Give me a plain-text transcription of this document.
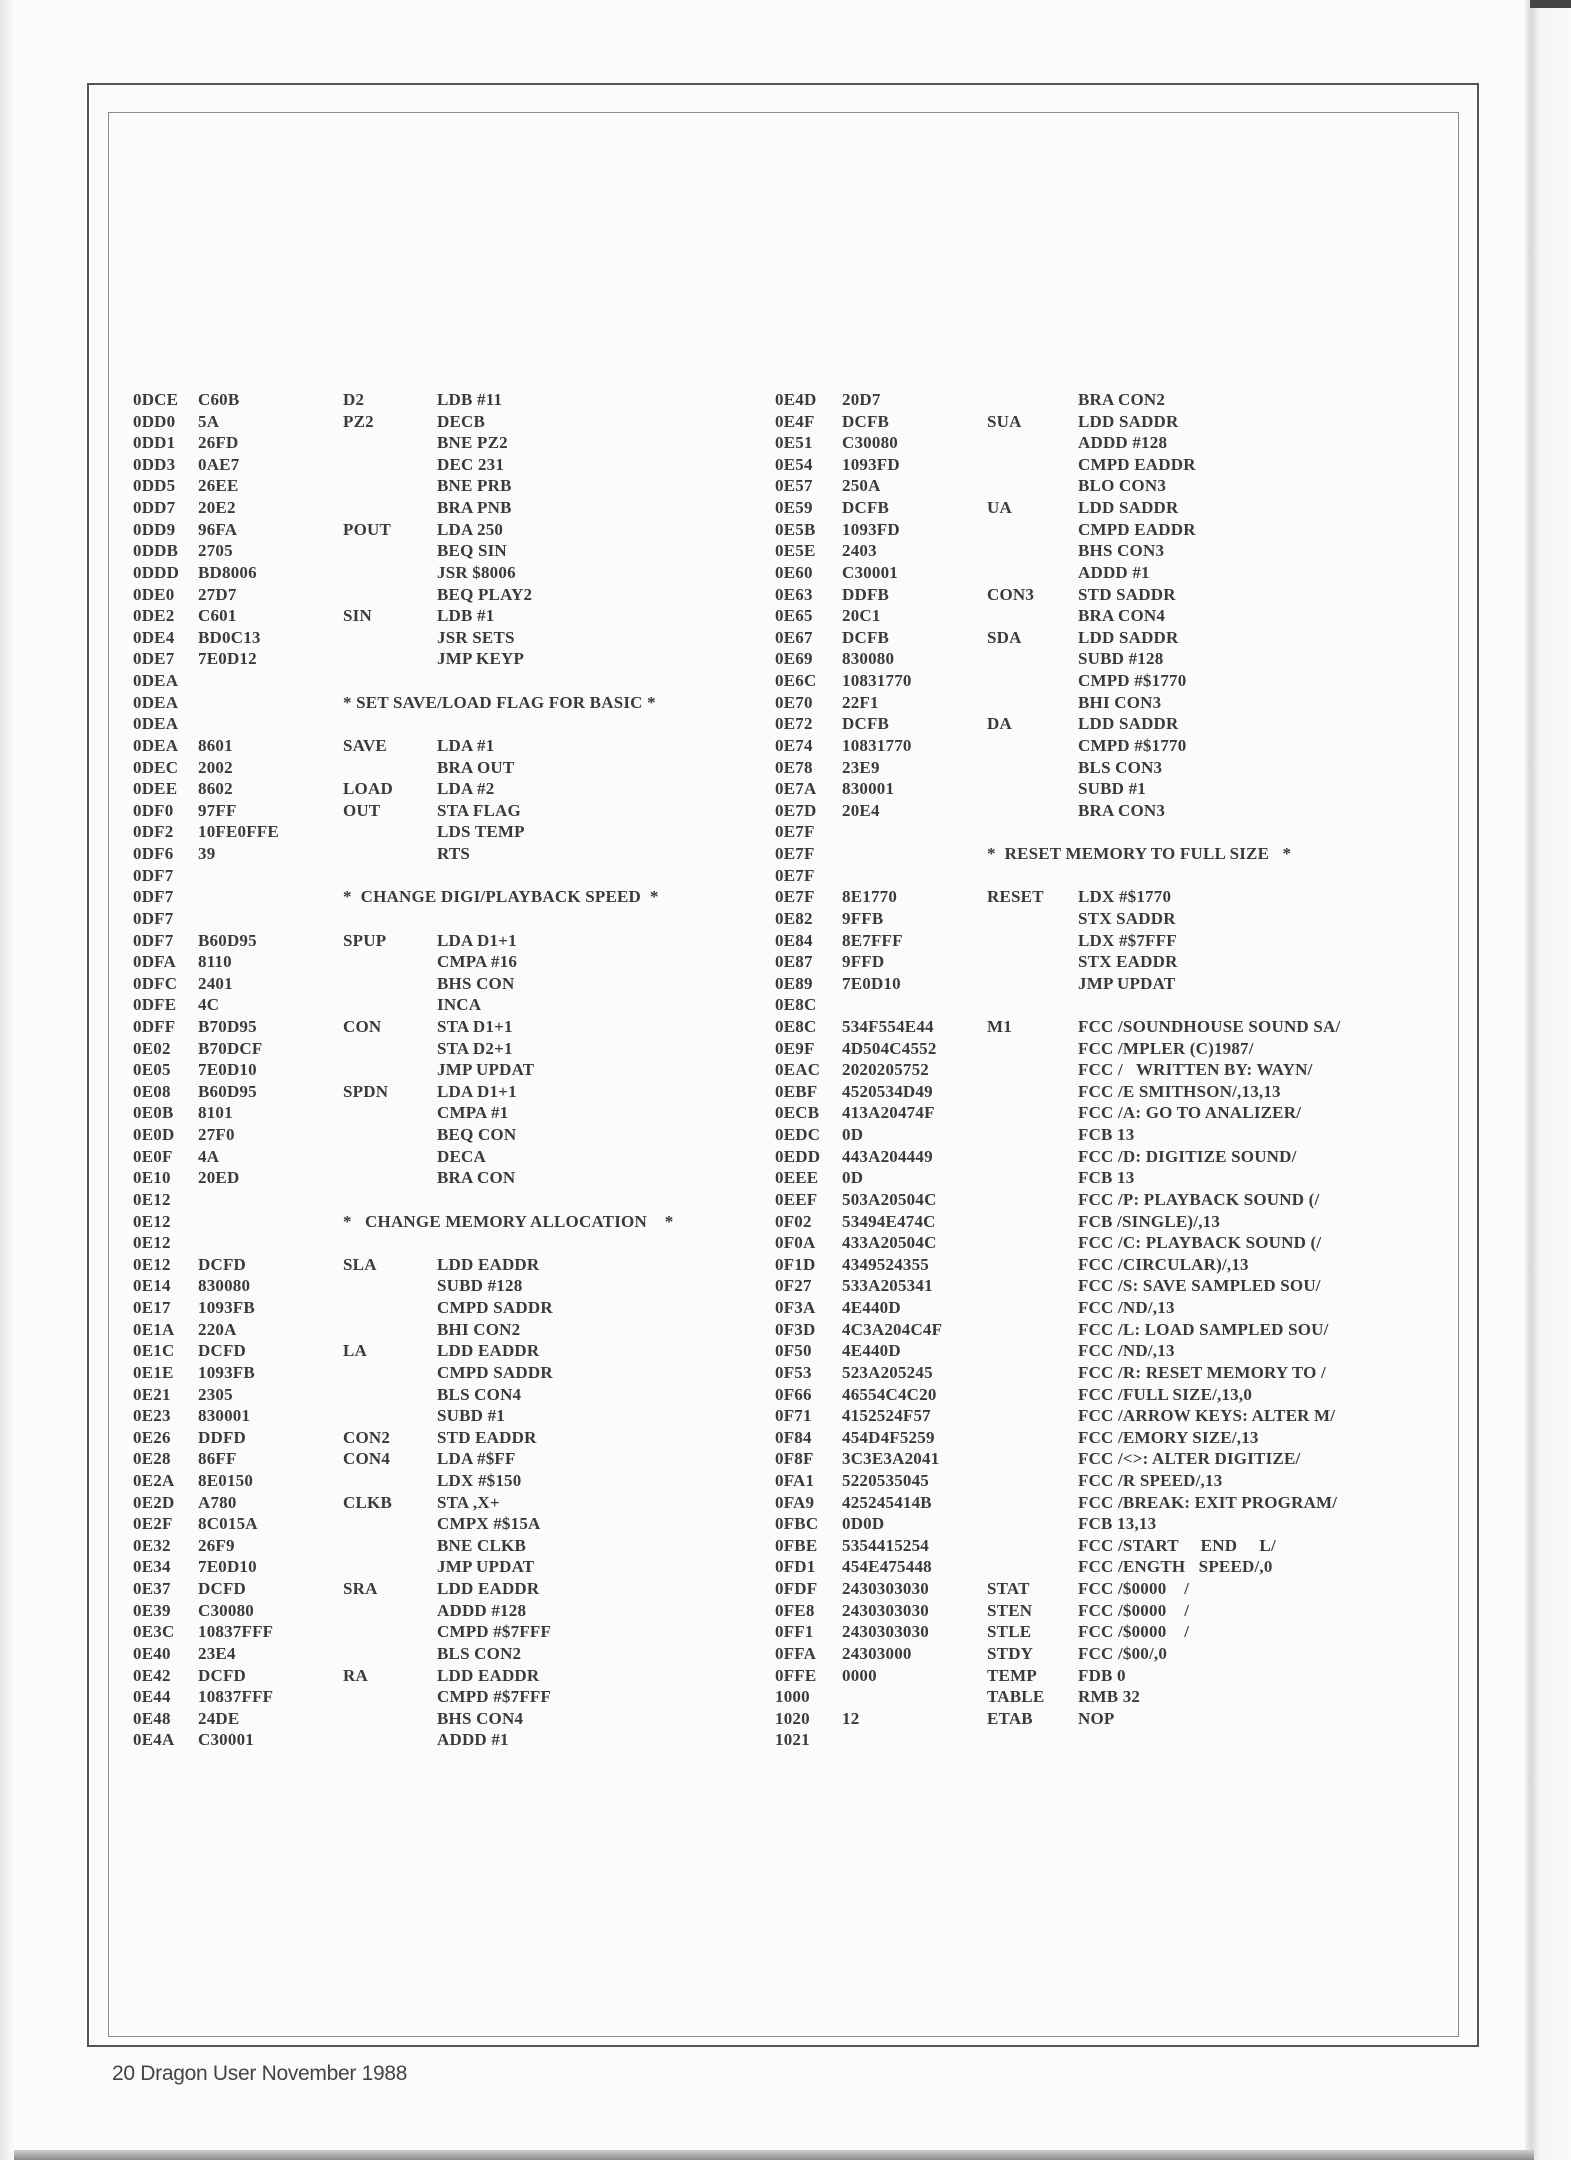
0DCE C60B	D2	LDB #11
0DD0 5A	PZ2	DECB
0DD1 26FD	BNE PZ2
0DD3 0AE7	DEC 231
0DD5 26EE	BNE PRB
0DD7 20E2	BRA PNB
0DD9 96FA	POUT	LDA 250
0DDB 2705	BEQ SIN
0DDD BD8006	JSR $8006
0DE0 27D7	BEQ PLAY2
0DE2 C601	SIN	LDB #1
0DE4 BD0C13	JSR SETS
0DE7 7E0D12	JMP KEYP
0DEA
0DEA	* SET SAVE/LOAD FLAG FOR BASIC *
0DEA
0DEA 8601	SAVE	LDA #1
0DEC 2002	BRA OUT
0DEE 8602	LOAD	LDA #2
0DF0 97FF	OUT	STA FLAG
0DF2 10FE0FFE	LDS TEMP
0DF6 39	RTS
0DF7
0DF7	*  CHANGE DIGI/PLAYBACK SPEED  *
0DF7
0DF7 B60D95	SPUP	LDA D1+1
0DFA 8110	CMPA #16
0DFC 2401	BHS CON
0DFE 4C	INCA
0DFF B70D95	CON	STA D1+1
0E02 B70DCF	STA D2+1
0E05 7E0D10	JMP UPDAT
0E08 B60D95	SPDN	LDA D1+1
0E0B 8101	CMPA #1
0E0D 27F0	BEQ CON
0E0F 4A	DECA
0E10 20ED	BRA CON
0E12
0E12	*   CHANGE MEMORY ALLOCATION    *
0E12
0E12 DCFD	SLA	LDD EADDR
0E14 830080	SUBD #128
0E17 1093FB	CMPD SADDR
0E1A 220A	BHI CON2
0E1C DCFD	LA	LDD EADDR
0E1E 1093FB	CMPD SADDR
0E21 2305	BLS CON4
0E23 830001	SUBD #1
0E26 DDFD	CON2	STD EADDR
0E28 86FF	CON4	LDA #$FF
0E2A 8E0150	LDX #$150
0E2D A780	CLKB	STA ,X+
0E2F 8C015A	CMPX #$15A
0E32 26F9	BNE CLKB
0E34 7E0D10	JMP UPDAT
0E37 DCFD	SRA	LDD EADDR
0E39 C30080	ADDD #128
0E3C 10837FFF	CMPD #$7FFF
0E40 23E4	BLS CON2
0E42 DCFD	RA	LDD EADDR
0E44 10837FFF	CMPD #$7FFF
0E48 24DE	BHS CON4
0E4A C30001	ADDD #1
0E4D 20D7	BRA CON2
0E4F DCFB	SUA	LDD SADDR
0E51 C30080	ADDD #128
0E54 1093FD	CMPD EADDR
0E57 250A	BLO CON3
0E59 DCFB	UA	LDD SADDR
0E5B 1093FD	CMPD EADDR
0E5E 2403	BHS CON3
0E60 C30001	ADDD #1
0E63 DDFB	CON3	STD SADDR
0E65 20C1	BRA CON4
0E67 DCFB	SDA	LDD SADDR
0E69 830080	SUBD #128
0E6C 10831770	CMPD #$1770
0E70 22F1	BHI CON3
0E72 DCFB	DA	LDD SADDR
0E74 10831770	CMPD #$1770
0E78 23E9	BLS CON3
0E7A 830001	SUBD #1
0E7D 20E4	BRA CON3
0E7F
0E7F	*  RESET MEMORY TO FULL SIZE   *
0E7F
0E7F 8E1770	RESET LDX #$1770
0E82 9FFB	STX SADDR
0E84 8E7FFF	LDX #$7FFF
0E87 9FFD	STX EADDR
0E89 7E0D10	JMP UPDAT
0E8C
0E8C 534F554E44	M1	FCC /SOUNDHOUSE SOUND SA/
0E9F 4D504C4552	FCC /MPLER (C)1987/
0EAC 2020205752	FCC /   WRITTEN BY: WAYN/
0EBF 4520534D49	FCC /E SMITHSON/,13,13
0ECB 413A20474F	FCC /A: GO TO ANALIZER/
0EDC 0D	FCB 13
0EDD 443A204449	FCC /D: DIGITIZE SOUND/
0EEE 0D	FCB 13
0EEF 503A20504C	FCC /P: PLAYBACK SOUND (/
0F02 53494E474C	FCB /SINGLE)/,13
0F0A 433A20504C	FCC /C: PLAYBACK SOUND (/
0F1D 4349524355	FCC /CIRCULAR)/,13
0F27 533A205341	FCC /S: SAVE SAMPLED SOU/
0F3A 4E440D	FCC /ND/,13
0F3D 4C3A204C4F	FCC /L: LOAD SAMPLED SOU/
0F50 4E440D	FCC /ND/,13
0F53 523A205245	FCC /R: RESET MEMORY TO /
0F66 46554C4C20	FCC /FULL SIZE/,13,0
0F71 4152524F57	FCC /ARROW KEYS: ALTER M/
0F84 454D4F5259	FCC /EMORY SIZE/,13
0F8F 3C3E3A2041	FCC /<>: ALTER DIGITIZE/
0FA1 5220535045	FCC /R SPEED/,13
0FA9 425245414B	FCC /BREAK: EXIT PROGRAM/
0FBC 0D0D	FCB 13,13
0FBE 5354415254	FCC /START     END     L/
0FD1 454E475448	FCC /ENGTH   SPEED/,0
0FDF 2430303030	STAT	FCC /$0000    /
0FE8 2430303030	STEN	FCC /$0000    /
0FF1 2430303030	STLE	FCC /$0000    /
0FFA 24303000	STDY	FCC /$00/,0
0FFE 0000	TEMP FDB 0
1000	TABLE RMB 32
1020 12	ETAB	NOP
1021
20 Dragon User November 1988
